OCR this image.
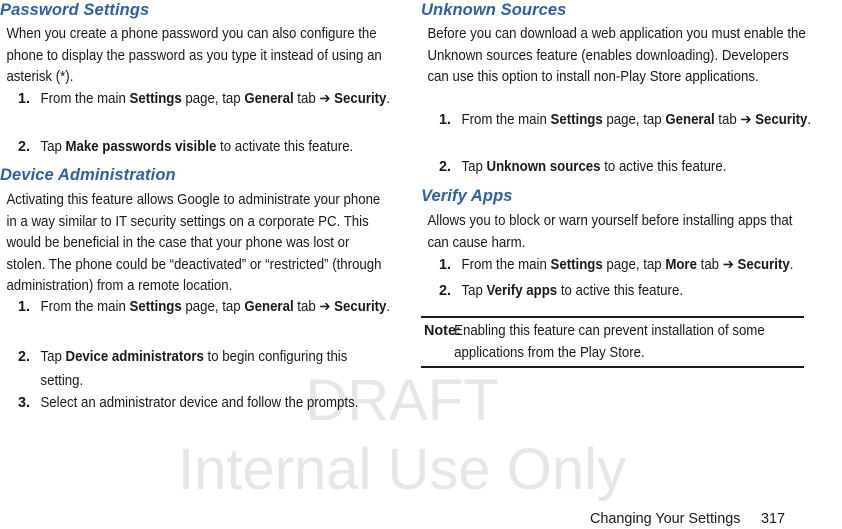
DRAFT
Internal Use Only
Password Settings

When you create a phone password you can also configure the phone to display the password as you type it instead of using an asterisk (*).

1. From the main Settings page, tap General tab ➔ Security.
2. Tap Make passwords visible to activate this feature.
Device Administration

Activating this feature allows Google to administrate your phone in a way similar to IT security settings on a corporate PC. This would be beneficial in the case that your phone was lost or stolen. The phone could be “deactivated” or “restricted” (through administration) from a remote location.

1. From the main Settings page, tap General tab ➔ Security.
2. Tap Device administrators to begin configuring this setting.
3. Select an administrator device and follow the prompts.
Unknown Sources

Before you can download a web application you must enable the Unknown sources feature (enables downloading). Developers can use this option to install non-Play Store applications.

1. From the main Settings page, tap General tab ➔ Security.
2. Tap Unknown sources to active this feature.
Verify Apps

Allows you to block or warn yourself before installing apps that can cause harm.

1. From the main Settings page, tap More tab ➔ Security.
2. Tap Verify apps to active this feature.
Note:
Enabling this feature can prevent installation of some applications from the Play Store.
Changing Your Settings 317
